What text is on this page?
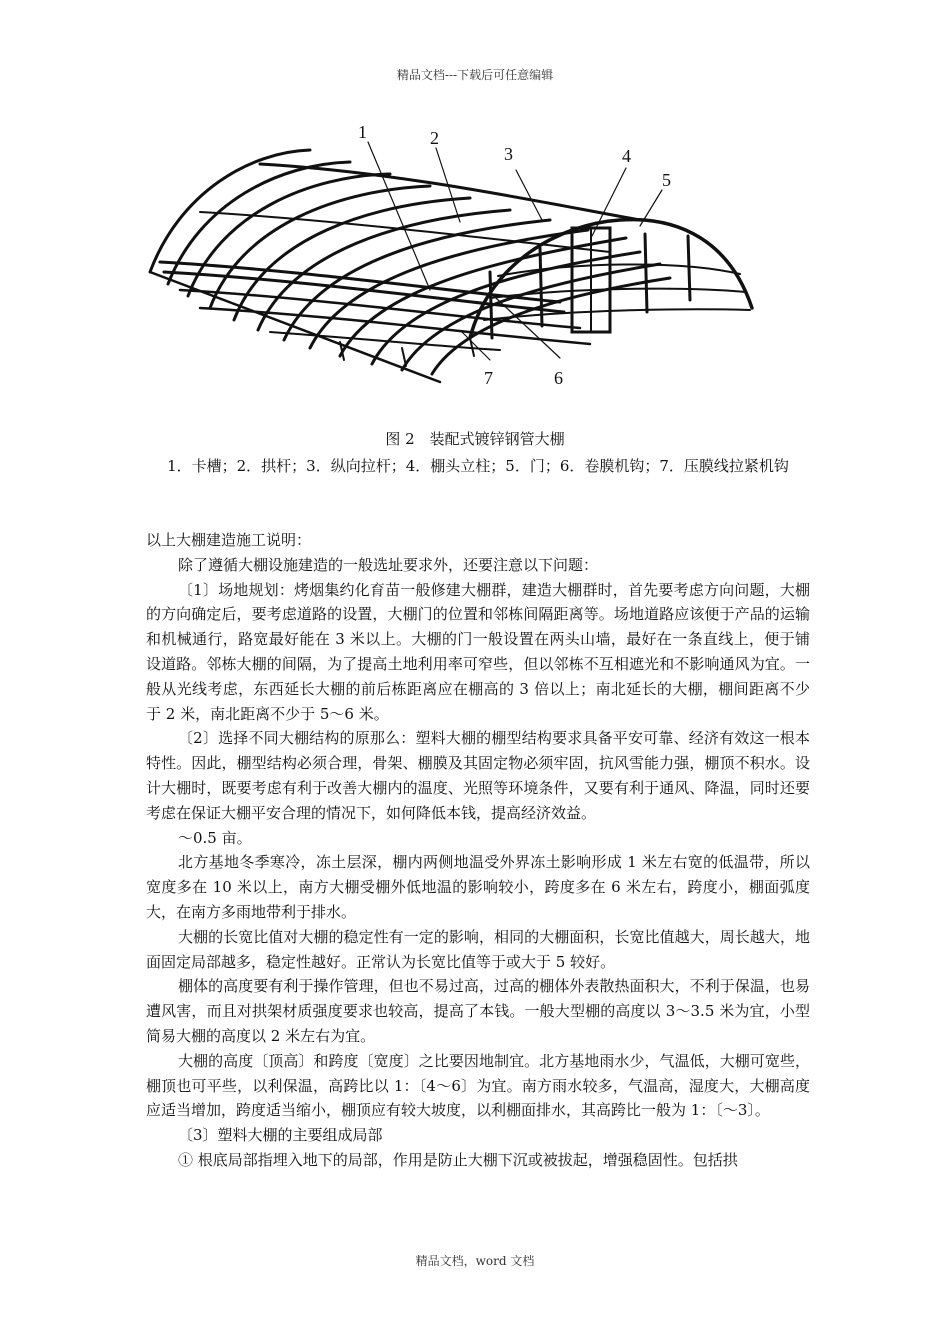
精品文档---下载后可任意编辑
1	2
3	4
5
6
7
图 2　装配式镀锌钢管大棚
1．卡槽；2．拱杆；3．纵向拉杆；4．棚头立柱；5．门；6．卷膜机钩；7．压膜线拉紧机钩

以上大棚建造施工说明：

除了遵循大棚设施建造的一般选址要求外，还要注意以下问题：

〔1〕场地规划：烤烟集约化育苗一般修建大棚群，建造大棚群时，首先要考虑方向问题，大棚的方向确定后，要考虑道路的设置，大棚门的位置和邻栋间隔距离等。场地道路应该便于产品的运输和机械通行，路宽最好能在 3 米以上。大棚的门一般设置在两头山墙，最好在一条直线上，便于铺设道路。邻栋大棚的间隔，为了提高土地利用率可窄些，但以邻栋不互相遮光和不影响通风为宜。一般从光线考虑，东西延长大棚的前后栋距离应在棚高的 3 倍以上；南北延长的大棚，棚间距离不少于 2 米，南北距离不少于 5～6 米。

〔2〕选择不同大棚结构的原那么：塑料大棚的棚型结构要求具备平安可靠、经济有效这一根本特性。因此，棚型结构必须合理，骨架、棚膜及其固定物必须牢固，抗风雪能力强，棚顶不积水。设计大棚时，既要考虑有利于改善大棚内的温度、光照等环境条件，又要有利于通风、降温，同时还要考虑在保证大棚平安合理的情况下，如何降低本钱，提高经济效益。

～0.5 亩。

北方基地冬季寒冷，冻土层深，棚内两侧地温受外界冻土影响形成 1 米左右宽的低温带，所以宽度多在 10 米以上，南方大棚受棚外低地温的影响较小，跨度多在 6 米左右，跨度小，棚面弧度大，在南方多雨地带利于排水。

大棚的长宽比值对大棚的稳定性有一定的影响，相同的大棚面积，长宽比值越大，周长越大，地面固定局部越多，稳定性越好。正常认为长宽比值等于或大于 5 较好。

棚体的高度要有利于操作管理，但也不易过高，过高的棚体外表散热面积大，不利于保温，也易遭风害，而且对拱架材质强度要求也较高，提高了本钱。一般大型棚的高度以 3～3.5 米为宜，小型简易大棚的高度以 2 米左右为宜。

大棚的高度〔顶高〕和跨度〔宽度〕之比要因地制宜。北方基地雨水少，气温低，大棚可宽些，棚顶也可平些，以利保温，高跨比以 1：〔4～6〕为宜。南方雨水较多，气温高，湿度大，大棚高度应适当增加，跨度适当缩小，棚顶应有较大坡度，以利棚面排水，其高跨比一般为 1：〔～3〕。

〔3〕塑料大棚的主要组成局部

① 根底局部指埋入地下的局部，作用是防止大棚下沉或被拔起，增强稳固性。包括拱

精品文档，word 文档
